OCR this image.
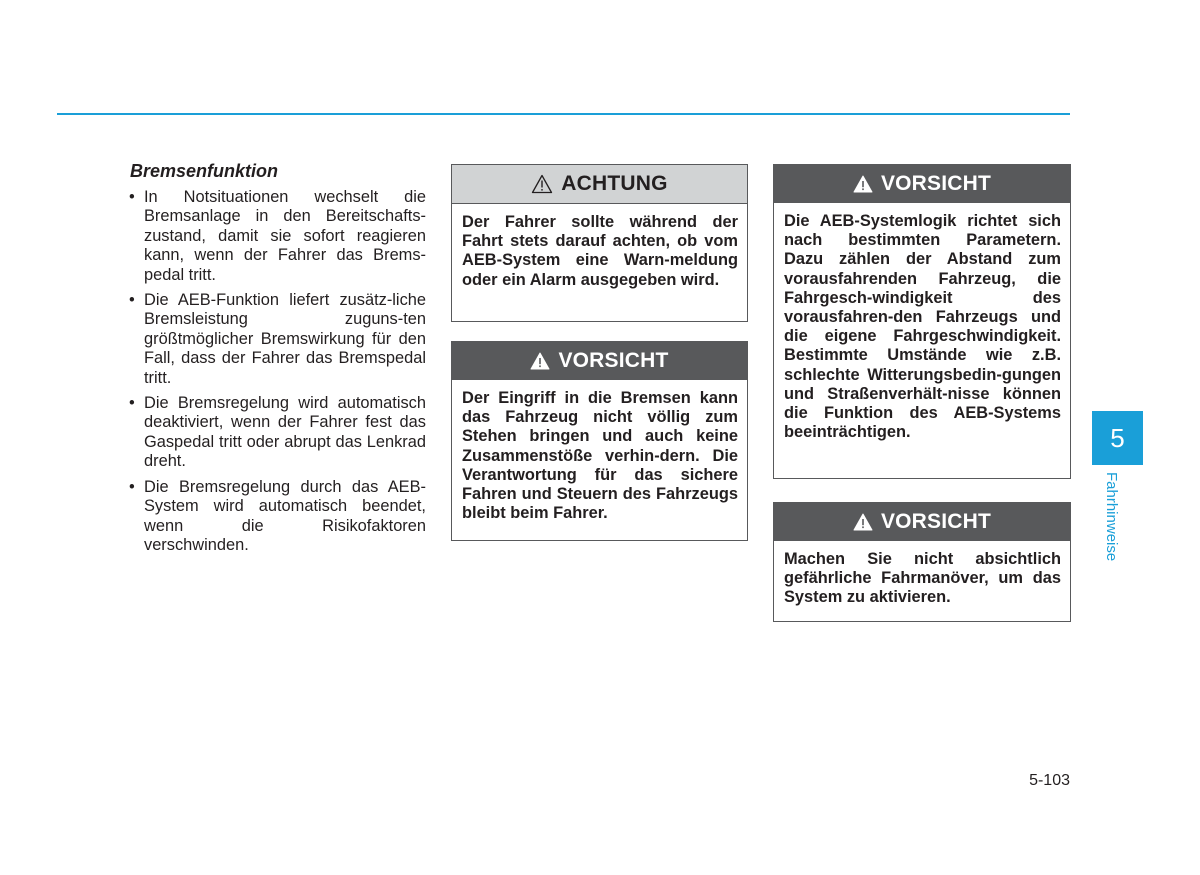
Bremsenfunktion
• In Notsituationen wechselt die Bremsanlage in den Bereitschafts-zustand, damit sie sofort reagieren kann, wenn der Fahrer das Brems-pedal tritt.
• Die AEB-Funktion liefert zusätz-liche Bremsleistung zuguns-ten größtmöglicher Bremswirkung für den Fall, dass der Fahrer das Bremspedal tritt.
• Die Bremsregelung wird automatisch deaktiviert, wenn der Fahrer fest das Gaspedal tritt oder abrupt das Lenkrad dreht.
• Die Bremsregelung durch das AEB-System wird automatisch beendet, wenn die Risikofaktoren verschwinden.
ACHTUNG
Der Fahrer sollte während der Fahrt stets darauf achten, ob vom AEB-System eine Warn-meldung oder ein Alarm ausgegeben wird.
VORSICHT
Der Eingriff in die Bremsen kann das Fahrzeug nicht völlig zum Stehen bringen und auch keine Zusammenstöße verhin-dern. Die Verantwortung für das sichere Fahren und Steuern des Fahrzeugs bleibt beim Fahrer.
VORSICHT
Die AEB-Systemlogik richtet sich nach bestimmten Parametern. Dazu zählen der Abstand zum vorausfahrenden Fahrzeug, die Fahrgesch-windigkeit des vorausfahren-den Fahrzeugs und die eigene Fahrgeschwindigkeit. Bestimmte Umstände wie z.B. schlechte Witterungsbedin-gungen und Straßenverhält-nisse können die Funktion des AEB-Systems beeinträchtigen.
VORSICHT
Machen Sie nicht absichtlich gefährliche Fahrmanöver, um das System zu aktivieren.
5
Fahrhinweise
5-103
